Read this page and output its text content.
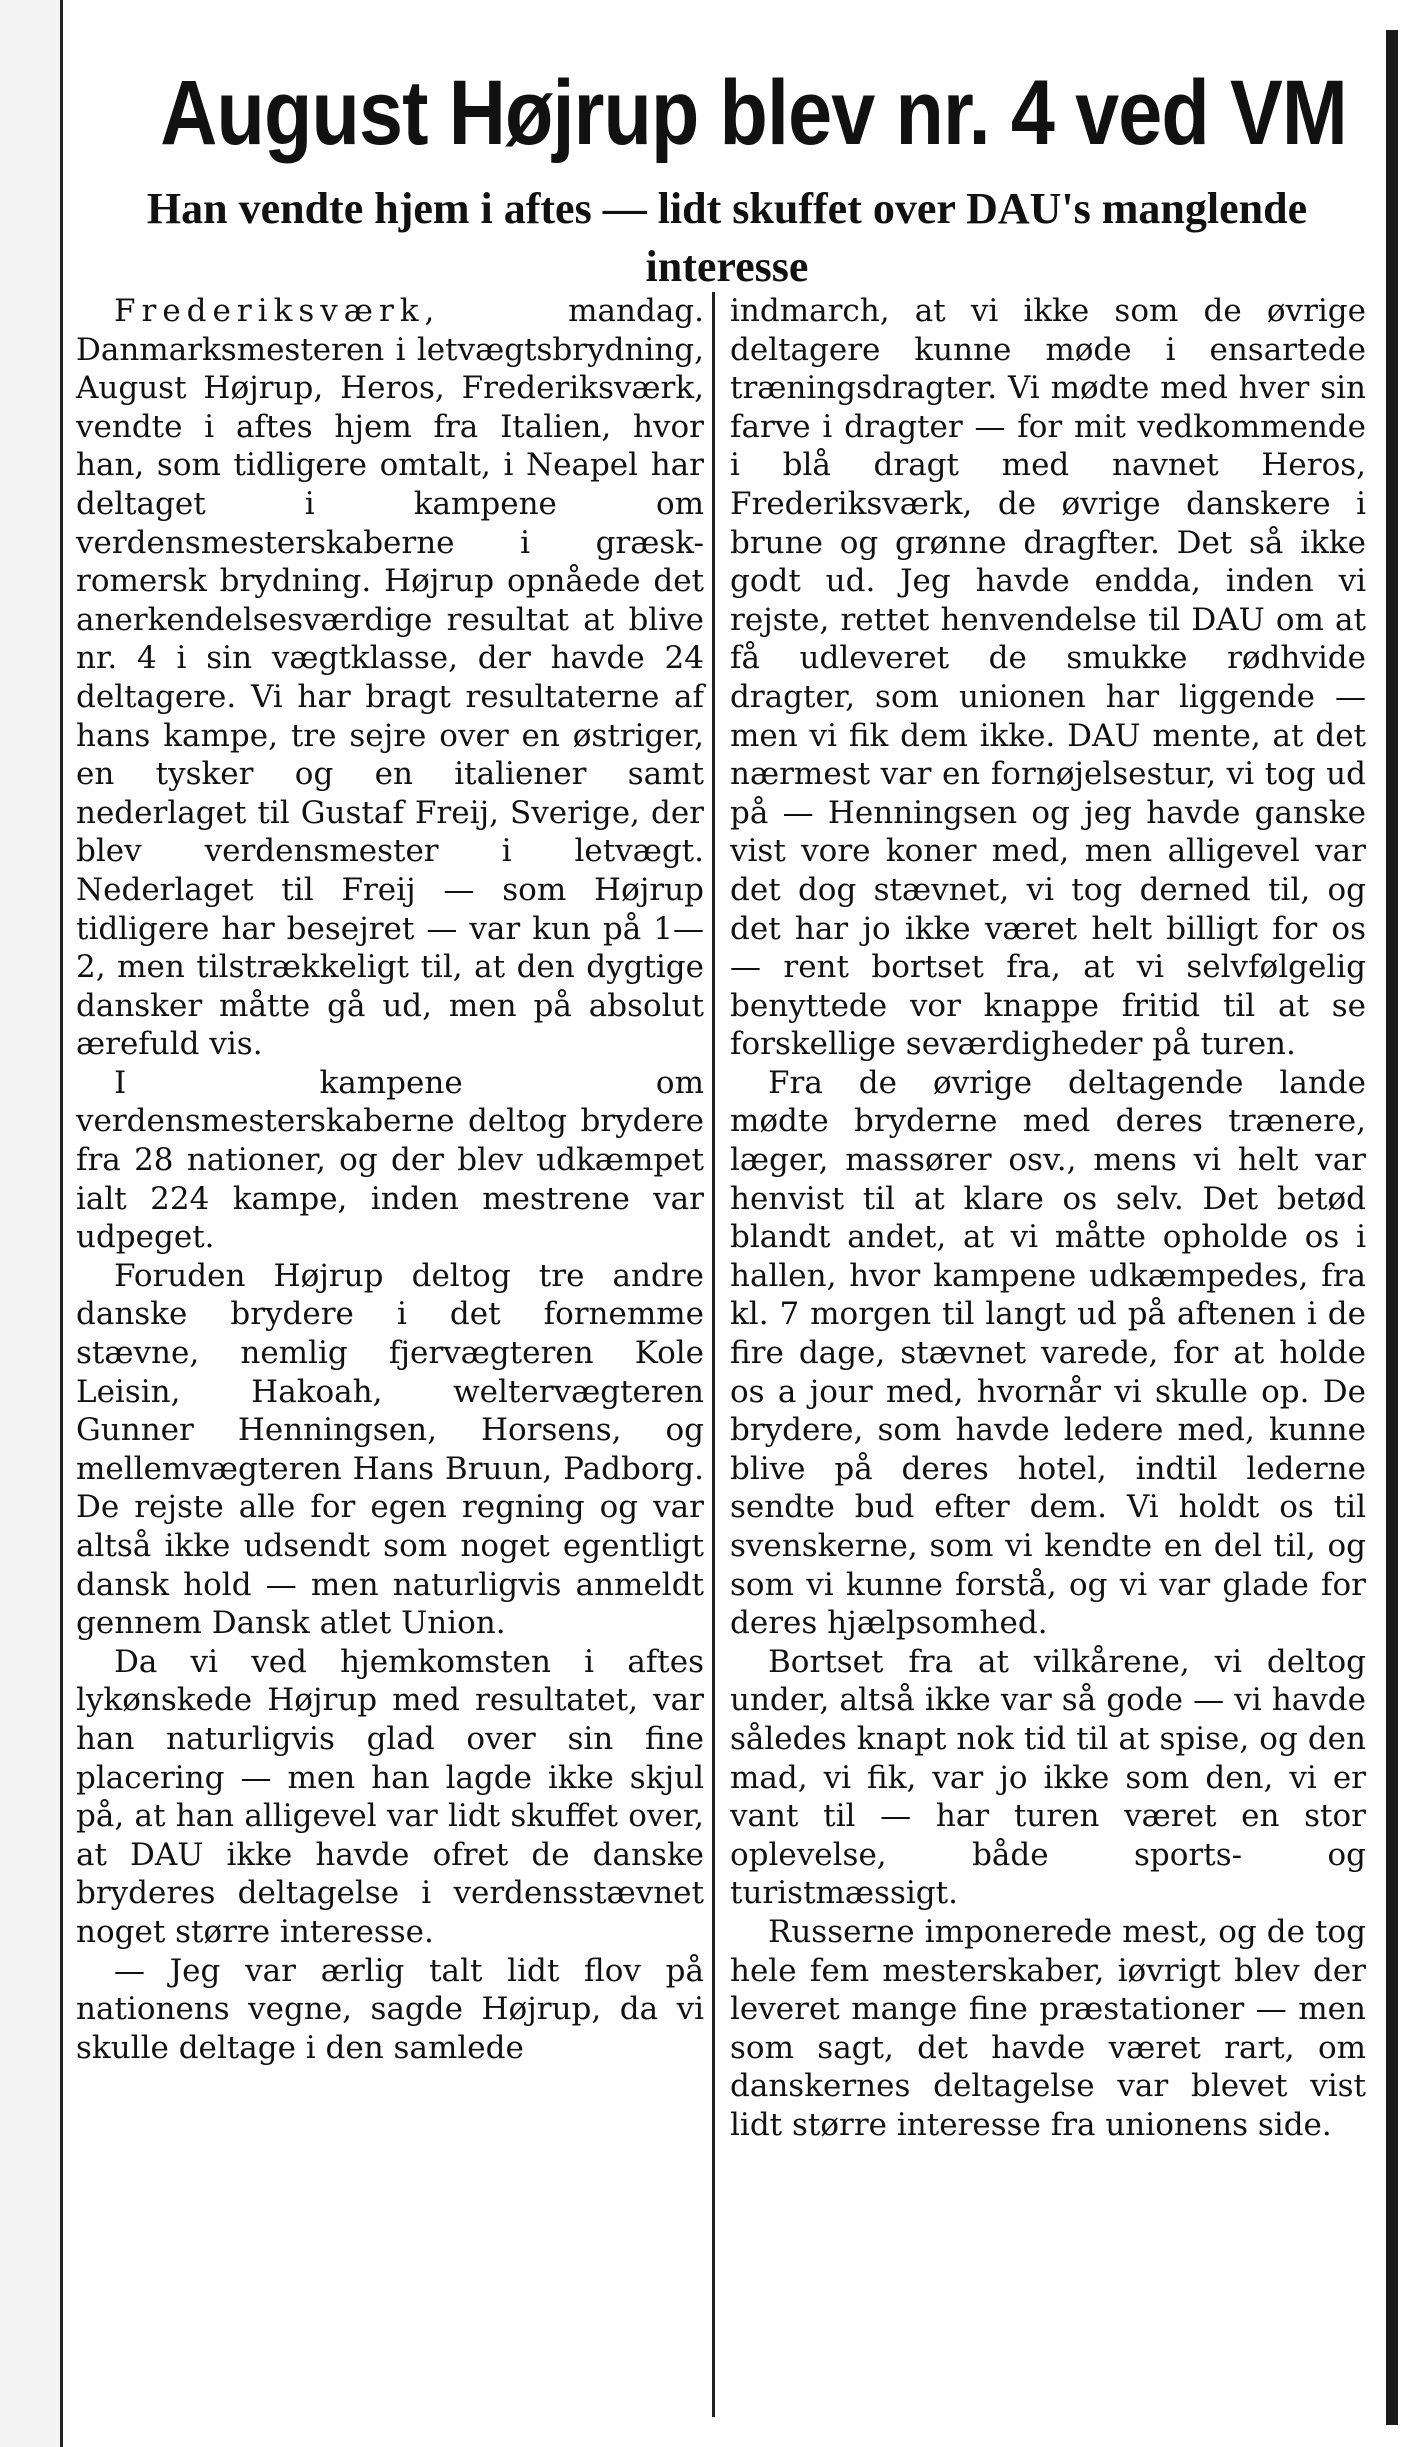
August Højrup blev nr. 4 ved VM
Han vendte hjem i aftes — lidt skuffet over DAU's manglende interesse

Frederiksværk, mandag. Danmarksmesteren i letvægtsbrydning, August Højrup, Heros, Frederiksværk, vendte i aftes hjem fra Italien, hvor han, som tidligere omtalt, i Neapel har deltaget i kampene om verdensmesterskaberne i græsk-romersk brydning. Højrup opnåede det anerkendelsesværdige resultat at blive nr. 4 i sin vægtklasse, der havde 24 deltagere. Vi har bragt resultaterne af hans kampe, tre sejre over en østriger, en tysker og en italiener samt nederlaget til Gustaf Freij, Sverige, der blev verdensmester i letvægt. Nederlaget til Freij — som Højrup tidligere har besejret — var kun på 1—2, men tilstrækkeligt til, at den dygtige dansker måtte gå ud, men på absolut ærefuld vis.

I kampene om verdensmesterskaberne deltog brydere fra 28 nationer, og der blev udkæmpet ialt 224 kampe, inden mestrene var udpeget.

Foruden Højrup deltog tre andre danske brydere i det fornemme stævne, nemlig fjervægteren Kole Leisin, Hakoah, weltervægteren Gunner Henningsen, Horsens, og mellemvægteren Hans Bruun, Padborg. De rejste alle for egen regning og var altså ikke udsendt som noget egentligt dansk hold — men naturligvis anmeldt gennem Dansk atlet Union.

Da vi ved hjemkomsten i aftes lykønskede Højrup med resultatet, var han naturligvis glad over sin fine placering — men han lagde ikke skjul på, at han alligevel var lidt skuffet over, at DAU ikke havde ofret de danske bryderes deltagelse i verdensstævnet noget større interesse.

— Jeg var ærlig talt lidt flov på nationens vegne, sagde Højrup, da vi skulle deltage i den samlede

indmarch, at vi ikke som de øvrige deltagere kunne møde i ensartede træningsdragter. Vi mødte med hver sin farve i dragter — for mit vedkommende i blå dragt med navnet Heros, Frederiksværk, de øvrige danskere i brune og grønne dragfter. Det så ikke godt ud. Jeg havde endda, inden vi rejste, rettet henvendelse til DAU om at få udleveret de smukke rødhvide dragter, som unionen har liggende — men vi fik dem ikke. DAU mente, at det nærmest var en fornøjelsestur, vi tog ud på — Henningsen og jeg havde ganske vist vore koner med, men alligevel var det dog stævnet, vi tog derned til, og det har jo ikke været helt billigt for os — rent bortset fra, at vi selvfølgelig benyttede vor knappe fritid til at se forskellige seværdigheder på turen.

Fra de øvrige deltagende lande mødte bryderne med deres trænere, læger, massører osv., mens vi helt var henvist til at klare os selv. Det betød blandt andet, at vi måtte opholde os i hallen, hvor kampene udkæmpedes, fra kl. 7 morgen til langt ud på aftenen i de fire dage, stævnet varede, for at holde os a jour med, hvornår vi skulle op. De brydere, som havde ledere med, kunne blive på deres hotel, indtil lederne sendte bud efter dem. Vi holdt os til svenskerne, som vi kendte en del til, og som vi kunne forstå, og vi var glade for deres hjælpsomhed.

Bortset fra at vilkårene, vi deltog under, altså ikke var så gode — vi havde således knapt nok tid til at spise, og den mad, vi fik, var jo ikke som den, vi er vant til — har turen været en stor oplevelse, både sports- og turistmæssigt.

Russerne imponerede mest, og de tog hele fem mesterskaber, iøvrigt blev der leveret mange fine præstationer — men som sagt, det havde været rart, om danskernes deltagelse var blevet vist lidt større interesse fra unionens side.
